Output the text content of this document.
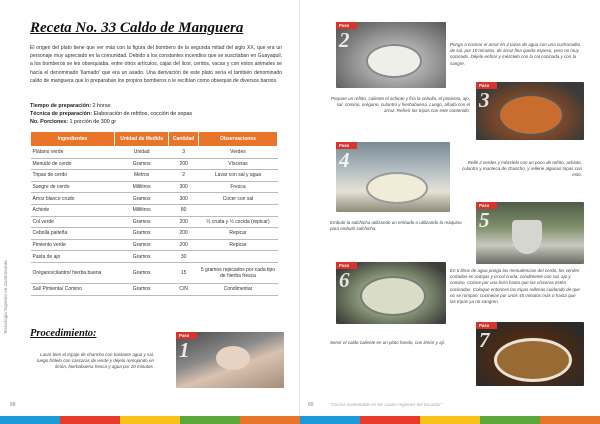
Receta No. 33 Caldo de Manguera
El origen del plato tiene que ver más con la figura del bombero de la segunda mitad del siglo XX, que era un personaje muy apreciado en la comunidad. Debido a los constantes incendios que se suscitaban en Guayaquil, a los bomberos se les obsequiaba, entre otros artículos, cajas del licor, cerdos, vacas y con estos animales se hacía el denominado 'llamado' que era un asado. Una derivación de este plato sería el también denominado caldo de manguera que lo preparaban los propios bomberos o le recibían como obsequio de diversos barrios.
Tiempo de preparación: 2 horas
Técnica de preparación: Elaboración de refritos, cocción de sopas
No. Porciones: 1 porción de 300 gr
Ingredientes	Unidad de Medida	Cantidad	Observaciones
Plátano verde	Unidad	3	Verdes
Menudo de cerdo	Gramos	200	Vísceras
Tripas de cerdo	Metros	2	Lavar con sal y agua
Sangre de cerdo	Mililitros	300	Fresca
Arroz blanco crudo	Gramos	300	Cocer con sal
Achiote	Mililitros	80	
Col verde	Gramos	200	½ cruda y ½ cocida (repicar)
Cebolla paiteña	Gramos	200	Repicar
Pimiento verde	Gramos	200	Repicar
Pasta de ajo	Gramos	30	
Orégano/cilantro/ hierba buena	Gramos	15	5 gramos repicados por cada tipo de hierba fresca
Sal/ Pimienta/ Comino	Gramos	C/N	Condimentar
Tecnología Superior en Gastronomía Procedimiento:
Lavar bien el tripaje de chancho con bastante agua y sal, luego frótelo con cáscaras de verde y déjelo remojando en limón, hierbabuena fresca y agua por 20 minutos.
Paso
1
88
Paso
2	Ponga a cocinar el arroz en 4 tazas de agua con una cucharadita de sal, por 10 minutos, de arroz fina queda espeso, pero no muy cocinado. Déjelo enfriar y mézclelo con la col cocinada y con la sangre.
Paso
3
Prepare un refrito, caliente el achiote y fría la cebolla, el pimiento, ajo, sal, comino, orégano, culantro y hierbabuena. Luego, añada con el arroz. Refreír las tripas con este contenido.
Paso
4	Rellé 2 verdes y mézclelo con un poco de refrito, achiote, culantro y manteca de chancho, y rellene algunas tripas con esto.
Paso
5
Embutir la salchicha utilizando un embudo o utilizando la máquina para embutir salchicha.
Paso
6	En 5 litros de agua ponga las menudencias del cerdo, los verdes cortados en rodajas y la col cruda; condimente con sal, ajo y comino. Cocine por una hora hasta que las vísceras estén cocinadas. Coloque entonces las tripas rellenas cuidando de que no se rompan; cocínelas por unos 45 minutos más o hasta que las tripas ya no sangren.
Paso
7
Servir el caldo caliente en un plato hondo, con limón y ají.
89	"Cocina sustentable en las cuatro regiones del Ecuador"
